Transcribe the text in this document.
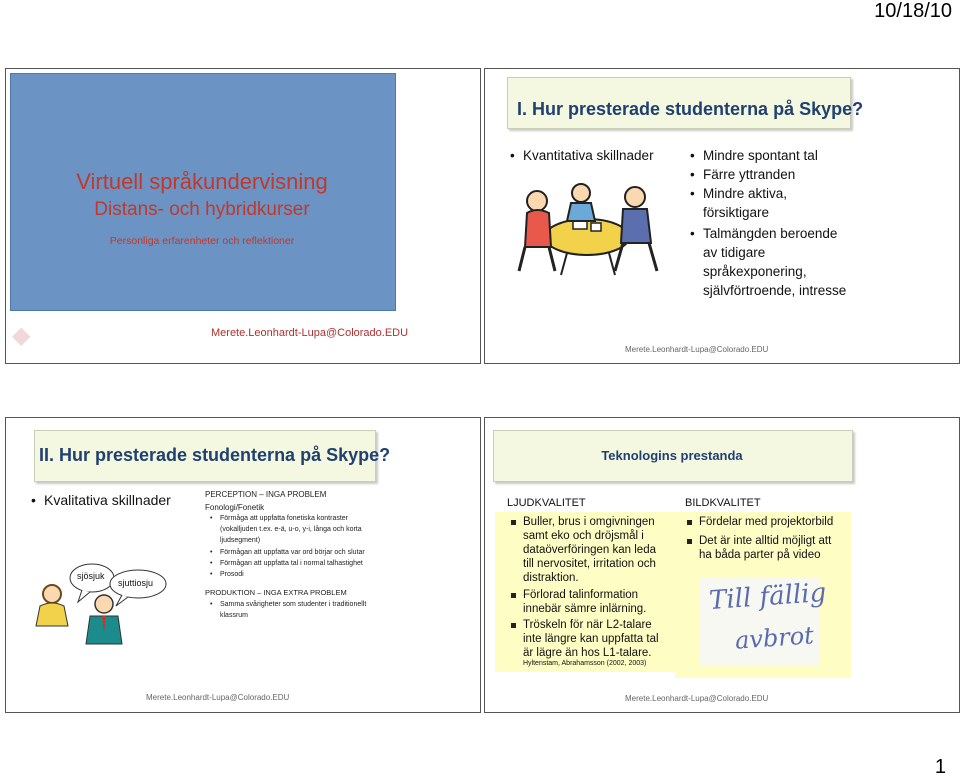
10/18/10
Virtuell språkundervisning
Distans- och hybridkurser
Personliga erfarenheter och reflektioner
◆	Merete.Leonhardt-Lupa@Colorado.EDU
I. Hur presterade studenterna på Skype?
• Kvantitativa skillnader	• Mindre spontant tal
• Färre yttranden
• Mindre aktiva,
försiktigare
• Talmängden beroende
av tidigare
språkexponering,
självförtroende, intresse
Merete.Leonhardt-Lupa@Colorado.EDU
II. Hur presterade studenterna på Skype?
• Kvalitativa skillnader
sjösjuk
sjuttiosju
PERCEPTION – INGA PROBLEM
Fonologi/Fonetik
• Förmåga att uppfatta fonetiska kontraster
(vokalljuden t.ex. e-ä, u-o, y-i, långa och korta
ljudsegment)
• Förmågan att uppfatta var ord börjar och slutar
• Förmågan att uppfatta tal i normal talhastighet
• Prosodi
PRODUKTION – INGA EXTRA PROBLEM
• Samma svårigheter som studenter i traditionellt
klassrum
Merete.Leonhardt-Lupa@Colorado.EDU
Teknologins prestanda
LJUDKVALITET
Buller, brus i omgivningen
samt eko och dröjsmål i
dataöverföringen kan leda
till nervositet, irritation och
distraktion.
Förlorad talinformation
innebär sämre inlärning.
Tröskeln för när L2-talare
inte längre kan uppfatta tal
är lägre än hos L1-talare.
Hyltenstam, Abrahamsson (2002, 2003)
BILDKVALITET
Fördelar med projektorbild
Det är inte alltid möjligt att
ha båda parter på video
Till fällig
avbrot
Merete.Leonhardt-Lupa@Colorado.EDU
1
